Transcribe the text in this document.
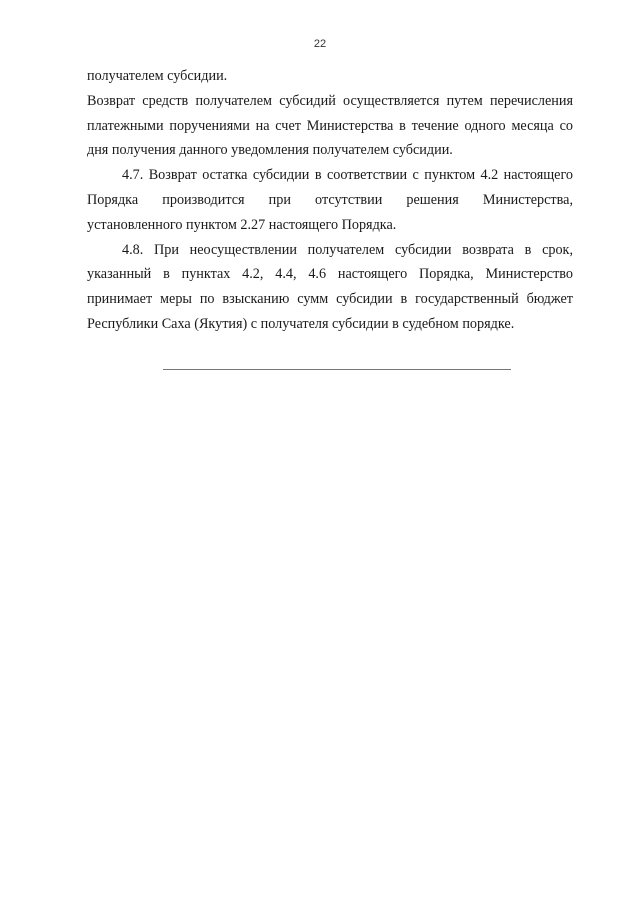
22
получателем субсидии.
Возврат средств получателем субсидий осуществляется путем перечисления
платежными поручениями на счет Министерства в течение одного месяца со
дня получения данного уведомления получателем субсидии.
4.7. Возврат остатка субсидии в соответствии с пунктом 4.2 настоящего
Порядка производится при отсутствии решения Министерства,
установленного пунктом 2.27 настоящего Порядка.
4.8. При неосуществлении получателем субсидии возврата в срок,
указанный в пунктах 4.2, 4.4, 4.6 настоящего Порядка, Министерство
принимает меры по взысканию сумм субсидии в государственный бюджет
Республики Саха (Якутия) с получателя субсидии в судебном порядке.
